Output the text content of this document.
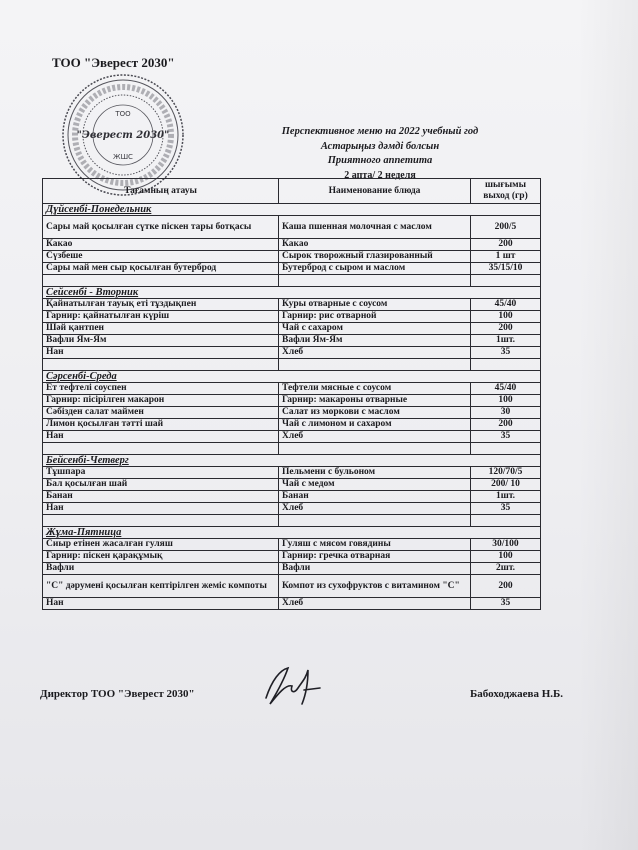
ТОО "Эверест 2030"
ТОО
"Эверест 2030"
ЖШС
Перспективное меню на 2022 учебный год
Астарыңыз дәмді болсын
Приятного аппетита
2 апта/ 2 неделя
Тағамның атауы	Наименование блюда	шығымы выход (гр)
Дүйсенбі-Понедельник		
Сары май қосылған сүтке піскен тары ботқасы	Каша пшенная молочная с маслом	200/5
Какао	Какао	200
Сүзбеше	Сырок творожный глазированный	1 шт
Сары май мен сыр қосылған бутерброд	Бутерброд с сыром и маслом	35/15/10

Сейсенбі - Вторник		
Қайнатылған тауық еті тұздықпен	Куры отварные с соусом	45/40
Гарнир: қайнатылған күріш	Гарнир: рис отварной	100
Шәй қантпен	Чай с сахаром	200
Вафли Ям-Ям	Вафли Ям-Ям	1шт.
Нан	Хлеб	35

Сәрсенбі-Среда		
Ет тефтелі соуспен	Тефтели мясные с соусом	45/40
Гарнир: пісірілген макарон	Гарнир: макароны отварные	100
Сәбізден салат маймен	Салат из моркови с маслом	30
Лимон қосылған тәтті шай	Чай с лимоном и сахаром	200
Нан	Хлеб	35

Бейсенбі-Четверг		
Тұшпара	Пельмени с бульоном	120/70/5
Бал қосылған шай	Чай с медом	200/ 10
Банан	Банан	1шт.
Нан	Хлеб	35

Жұма-Пятница		
Сиыр етінен жасалған гуляш	Гуляш с мясом говядины	30/100
Гарнир: піскен қарақұмық	Гарнир: гречка отварная	100
Вафли	Вафли	2шт.
"С" дәрумені қосылған кептірілген жеміс компоты	Компот из сухофруктов с витамином "С"	200
Нан	Хлеб	35
Директор ТОО "Эверест 2030"	Бабоходжаева Н.Б.
